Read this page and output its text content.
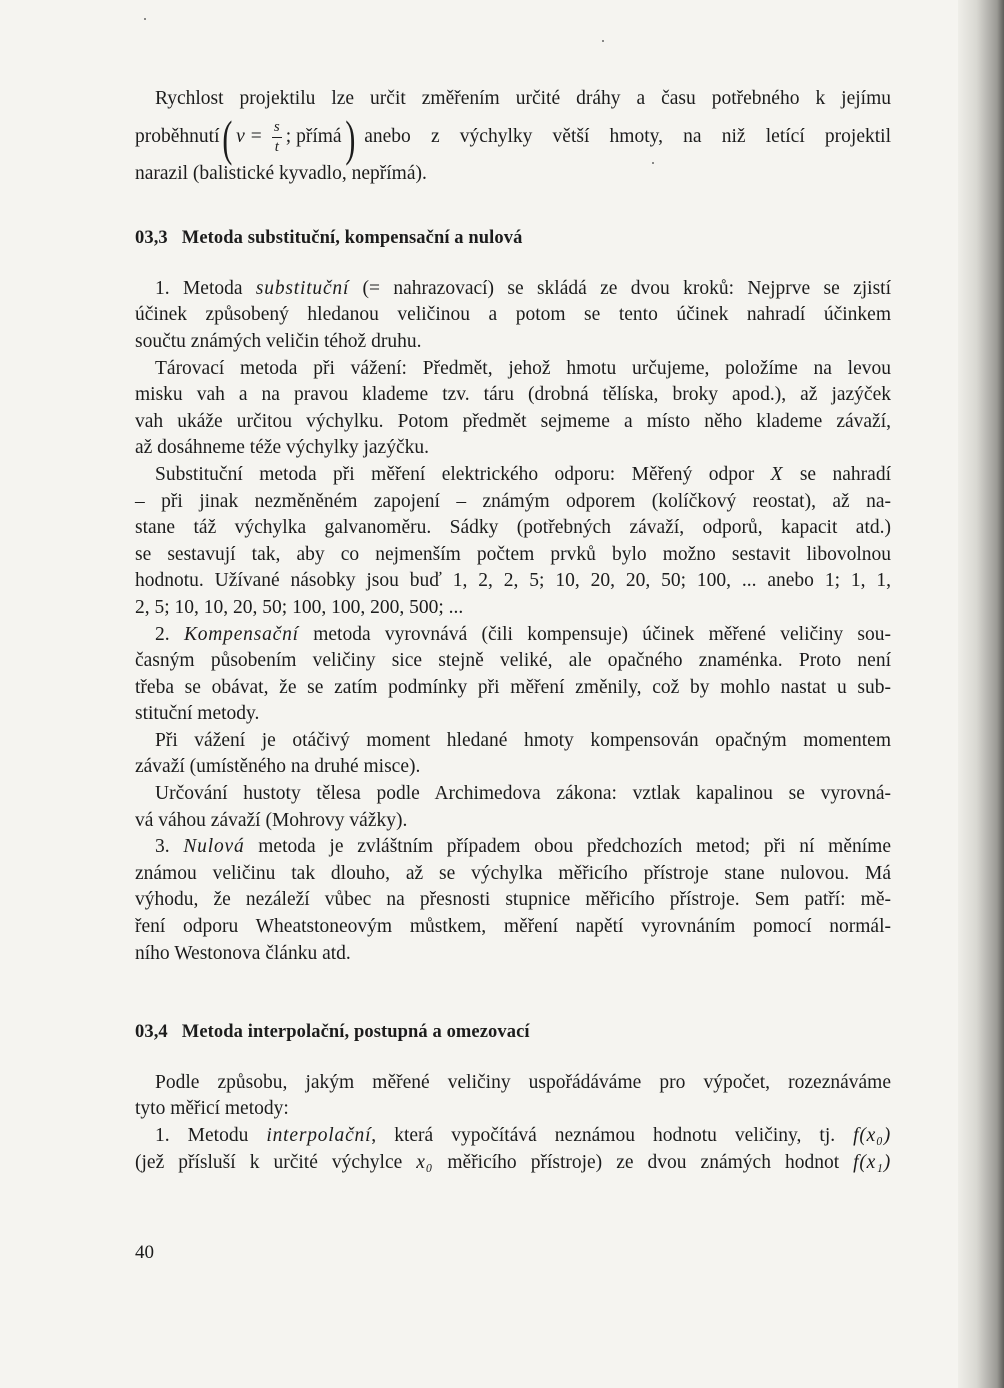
Rychlost projektilu lze určit změřením určité dráhy a času potřebného k jejímu

proběhnutí ( $v = \frac{s}{t}$ ; přímá ) anebo z výchylky větší hmoty, na niž letící projektil

narazil (balistické kyvadlo, nepřímá).

03,3 Metoda substituční, kompensační a nulová

1. Metoda substituční (= nahrazovací) se skládá ze dvou kroků: Nejprve se zjistí

účinek způsobený hledanou veličinou a potom se tento účinek nahradí účinkem

součtu známých veličin téhož druhu.

Tárovací metoda při vážení: Předmět, jehož hmotu určujeme, položíme na levou

misku vah a na pravou klademe tzv. táru (drobná tělíska, broky apod.), až jazýček

vah ukáže určitou výchylku. Potom předmět sejmeme a místo něho klademe závaží,

až dosáhneme téže výchylky jazýčku.

Substituční metoda při měření elektrického odporu: Měřený odpor X se nahradí

– při jinak nezměněném zapojení – známým odporem (kolíčkový reostat), až na-

stane táž výchylka galvanoměru. Sádky (potřebných závaží, odporů, kapacit atd.)

se sestavují tak, aby co nejmenším počtem prvků bylo možno sestavit libovolnou

hodnotu. Užívané násobky jsou buď 1, 2, 2, 5; 10, 20, 20, 50; 100, ... anebo 1; 1, 1,

2, 5; 10, 10, 20, 50; 100, 100, 200, 500; ...

2. Kompensační metoda vyrovnává (čili kompensuje) účinek měřené veličiny sou-

časným působením veličiny sice stejně veliké, ale opačného znaménka. Proto není

třeba se obávat, že se zatím podmínky při měření změnily, což by mohlo nastat u sub-

stituční metody.

Při vážení je otáčivý moment hledané hmoty kompensován opačným momentem

závaží (umístěného na druhé misce).

Určování hustoty tělesa podle Archimedova zákona: vztlak kapalinou se vyrovná-

vá váhou závaží (Mohrovy vážky).

3. Nulová metoda je zvláštním případem obou předchozích metod; při ní měníme

známou veličinu tak dlouho, až se výchylka měřicího přístroje stane nulovou. Má

výhodu, že nezáleží vůbec na přesnosti stupnice měřicího přístroje. Sem patří: mě-

ření odporu Wheatstoneovým můstkem, měření napětí vyrovnáním pomocí normál-

ního Westonova článku atd.

03,4 Metoda interpolační, postupná a omezovací

Podle způsobu, jakým měřené veličiny uspořádáváme pro výpočet, rozeznáváme

tyto měřicí metody:

1. Metodu interpolační, která vypočítává neznámou hodnotu veličiny, tj. f(x₀)

(jež přísluší k určité výchylce x₀ měřicího přístroje) ze dvou známých hodnot f(x₁)

40
